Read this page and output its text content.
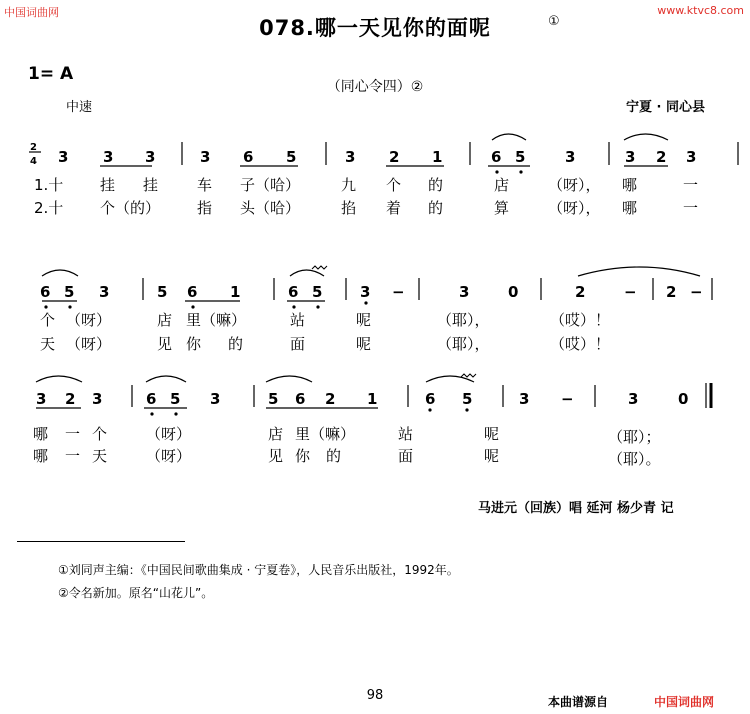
中国词曲网	www.ktvc8.com
078.哪一天见你的面呢	①
1= A
（同心令四）②
中速	宁夏 · 同心县
2
4 3 3 3	3 6 5	3 2 1	6 5	3	3 2 3
1.十 挂 挂	车 子（哈）	九 个 的	店	（呀）， 哪	一
2.十 个（的） 指 头（哈）	掐 着 的	算	（呀）， 哪	一
6 5 3	5 6 1	6 5	3 −	3	0	2	− 2 −
个 （呀）	店 里（嘛）	站	呢	（耶），	（哎）！
天 （呀）	见 你 的	面	呢	（耶），	（哎）！
3 2 3	6 5 3	5 6 2 1	6 5	3 −	3	0
哪 一 个	（呀）	店 里（嘛）	站	呢	（耶）；
哪 一 天	（呀）	见 你 的	面	呢	（耶）。
马进元（回族）唱 延河 杨少青 记
①刘同声主编：《中国民间歌曲集成 · 宁夏卷》，人民音乐出版社，1992年。
②令名新加。原名“山花儿”。
98	本曲谱源自	中国词曲网
